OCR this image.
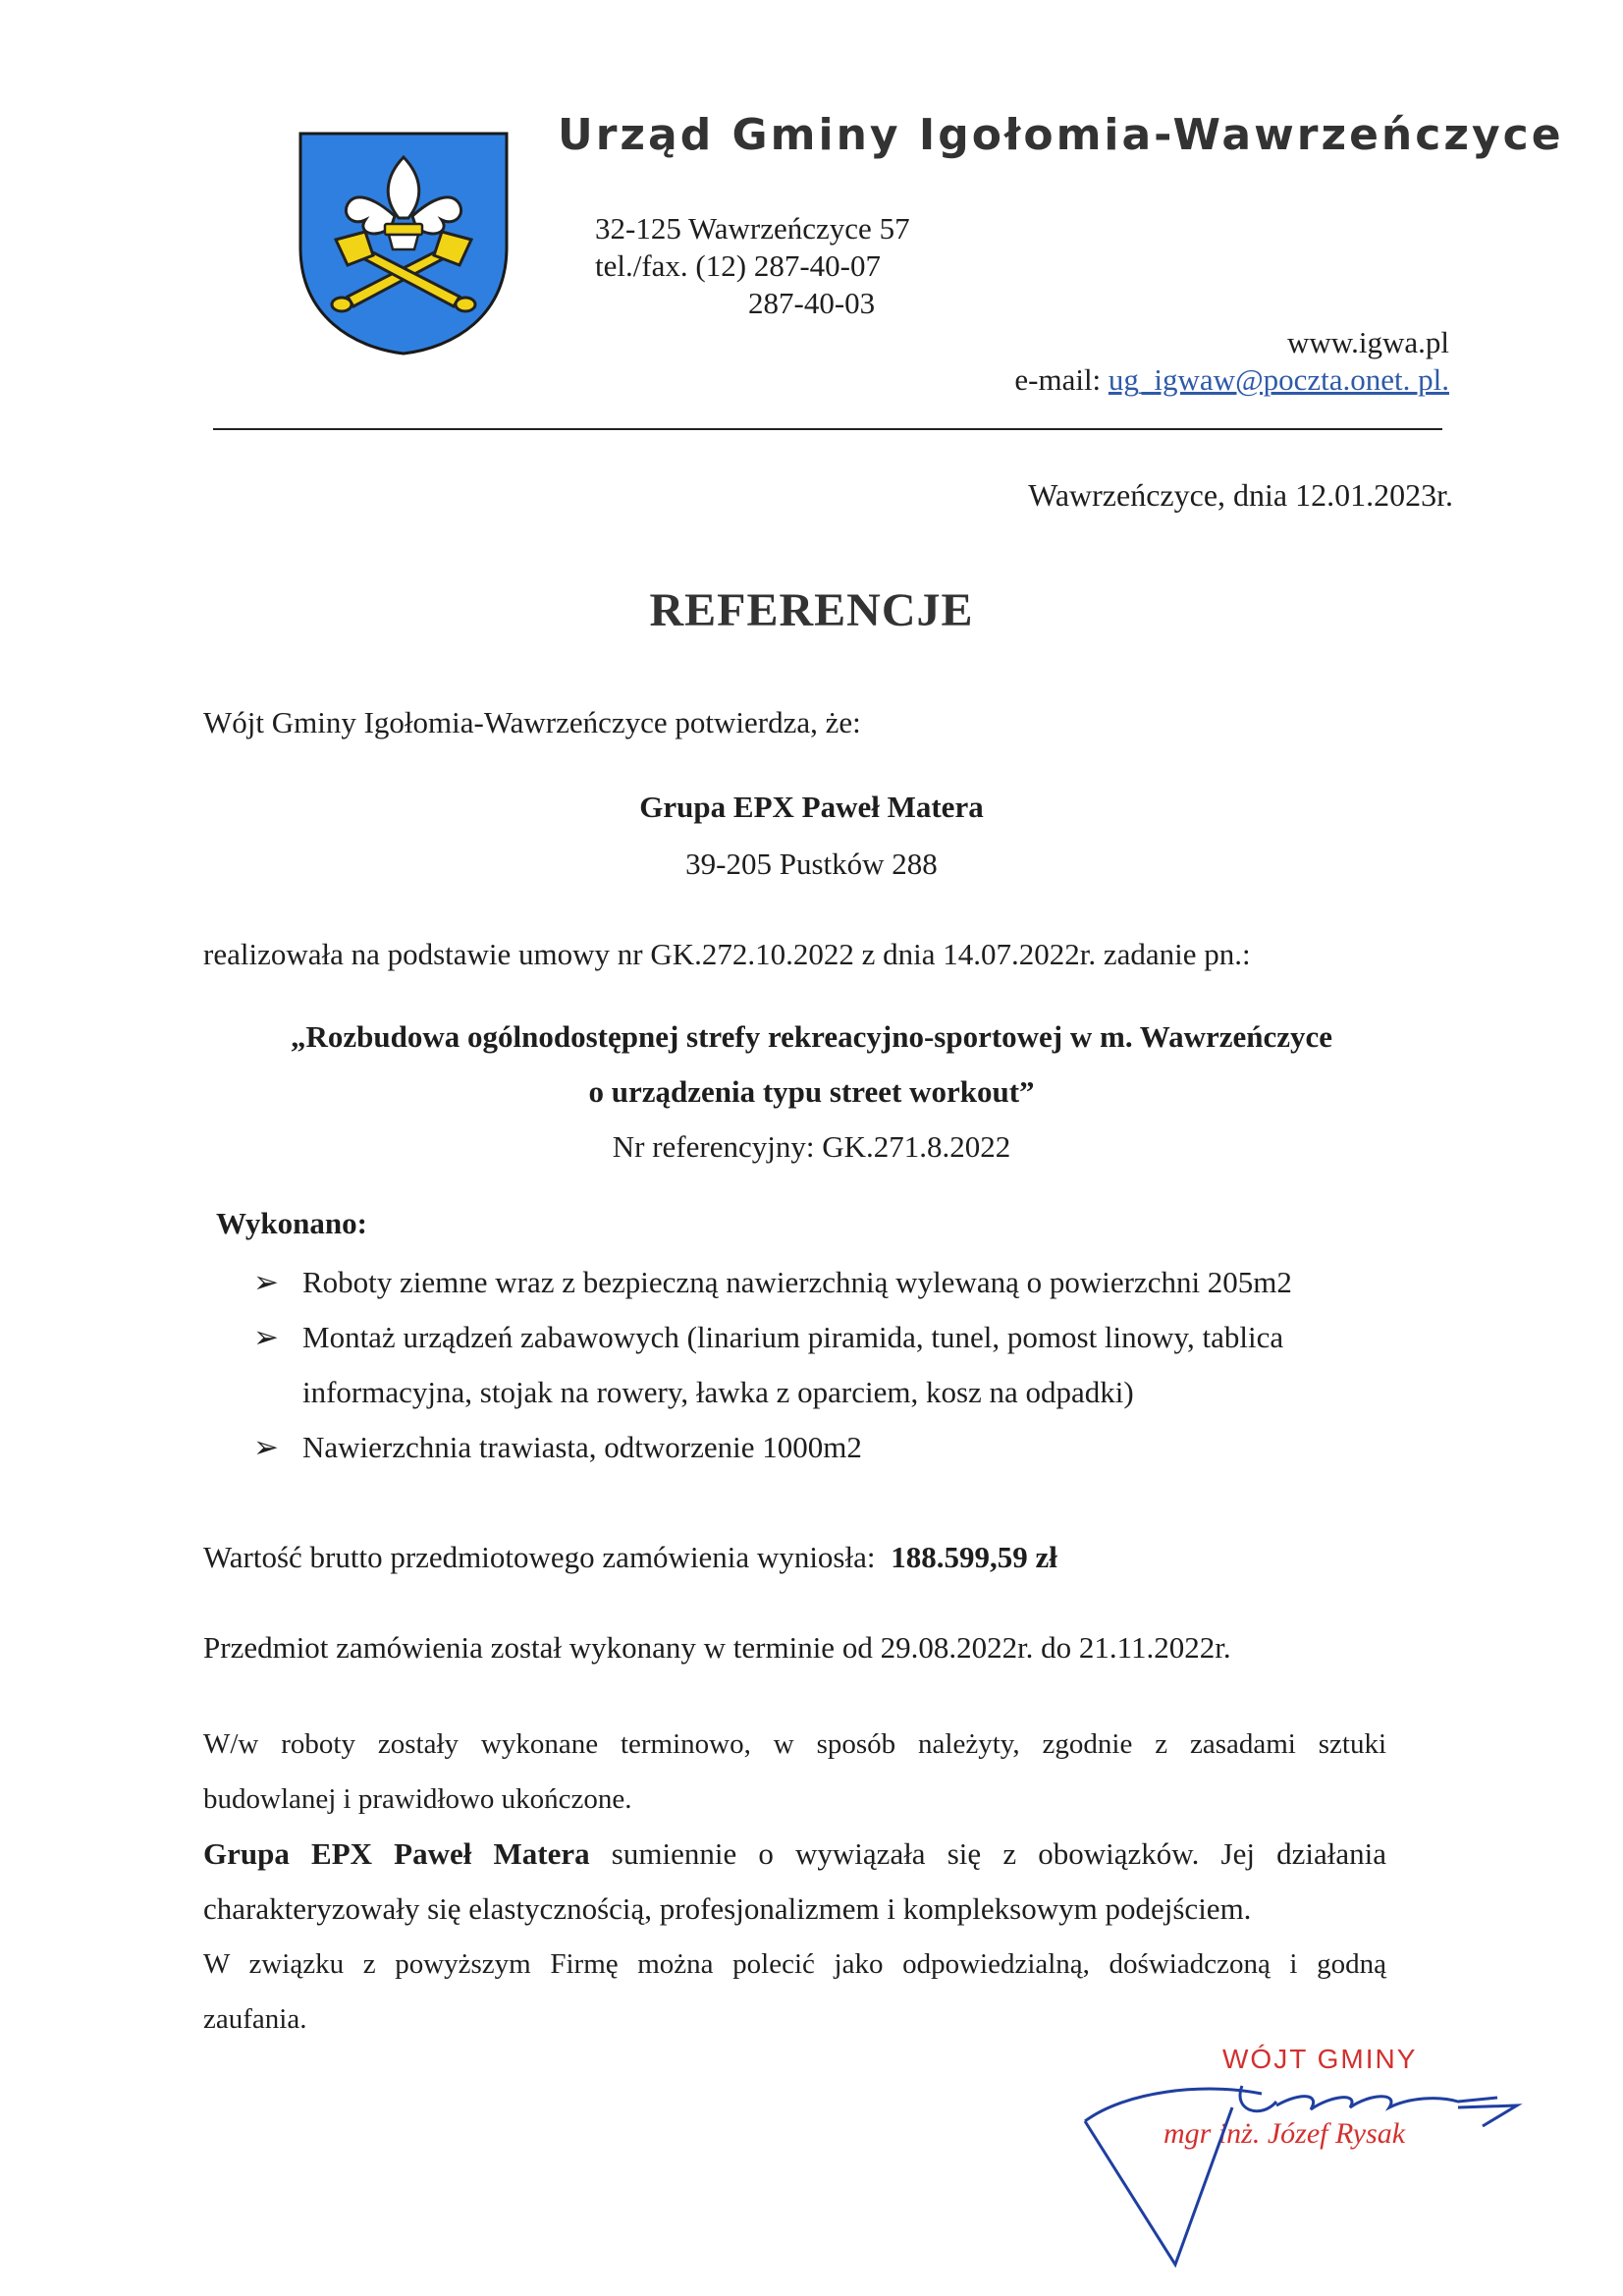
Urząd Gminy Igołomia-Wawrzeńczyce
32-125 Wawrzeńczyce 57
tel./fax. (12) 287-40-07
287-40-03
www.igwa.pl
e-mail: ug_igwaw@poczta.onet. pl.
Wawrzeńczyce, dnia 12.01.2023r.
REFERENCJE
Wójt Gminy Igołomia-Wawrzeńczyce potwierdza, że:
Grupa EPX Paweł Matera
39-205 Pustków 288
realizowała na podstawie umowy nr GK.272.10.2022 z dnia 14.07.2022r. zadanie pn.:
„Rozbudowa ogólnodostępnej strefy rekreacyjno-sportowej w m. Wawrzeńczyce
o urządzenia typu street workout”
Nr referencyjny: GK.271.8.2022
Wykonano:
➢ Roboty ziemne wraz z bezpieczną nawierzchnią wylewaną o powierzchni 205m2
➢ Montaż urządzeń zabawowych (linarium piramida, tunel, pomost linowy, tablica
informacyjna, stojak na rowery, ławka z oparciem, kosz na odpadki)
➢ Nawierzchnia trawiasta, odtworzenie 1000m2
Wartość brutto przedmiotowego zamówienia wyniosła: 188.599,59 zł
Przedmiot zamówienia został wykonany w terminie od 29.08.2022r. do 21.11.2022r.
W/w roboty zostały wykonane terminowo, w sposób należyty, zgodnie z zasadami sztuki
budowlanej i prawidłowo ukończone.
Grupa EPX Paweł Matera sumiennie o wywiązała się z obowiązków. Jej działania
charakteryzowały się elastycznością, profesjonalizmem i kompleksowym podejściem.
W związku z powyższym Firmę można polecić jako odpowiedzialną, doświadczoną i godną
zaufania.
WÓJT GMINY
mgr inż. Józef Rysak
